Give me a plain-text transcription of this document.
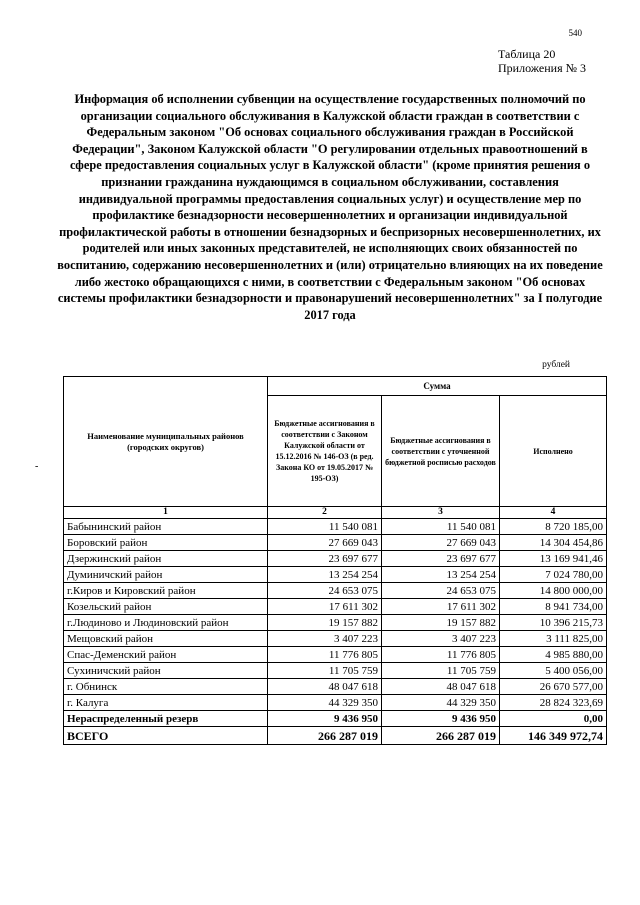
540
Таблица 20
Приложения № 3
Информация об исполнении субвенции на осуществление государственных полномочий по организации социального обслуживания в Калужской области граждан в соответствии с Федеральным законом "Об основах социального обслуживания граждан в Российской Федерации", Законом Калужской области "О регулировании отдельных правоотношений в сфере предоставления социальных услуг в Калужской области" (кроме принятия решения о признании гражданина нуждающимся в социальном обслуживании, составления индивидуальной программы предоставления социальных услуг) и осуществление мер по профилактике безнадзорности несовершеннолетних и организации индивидуальной профилактической работы в отношении безнадзорных и беспризорных несовершеннолетних, их родителей или иных законных представителей, не исполняющих своих обязанностей по воспитанию, содержанию несовершеннолетних и (или) отрицательно влияющих на их поведение либо жестоко обращающихся с ними, в соответствии с Федеральным законом "Об основах системы профилактики безнадзорности и правонарушений несовершеннолетних" за I полугодие 2017 года
рублей
-
Наименование муниципальных районов (городских округов)	Сумма		
	Бюджетные ассигнования в соответствии с Законом Калужской области от 15.12.2016 № 146-ОЗ (в ред. Закона КО от 19.05.2017 № 195-ОЗ)	Бюджетные ассигнования в соответствии с уточненной бюджетной росписью расходов	Исполнено
1	2	3	4
Бабынинский район	11 540 081	11 540 081	8 720 185,00
Боровский район	27 669 043	27 669 043	14 304 454,86
Дзержинский район	23 697 677	23 697 677	13 169 941,46
Думиничский район	13 254 254	13 254 254	7 024 780,00
г.Киров и Кировский район	24 653 075	24 653 075	14 800 000,00
Козельский район	17 611 302	17 611 302	8 941 734,00
г.Людиново и Людиновский район	19 157 882	19 157 882	10 396 215,73
Мещовский район	3 407 223	3 407 223	3 111 825,00
Спас-Деменский район	11 776 805	11 776 805	4 985 880,00
Сухиничский район	11 705 759	11 705 759	5 400 056,00
г. Обнинск	48 047 618	48 047 618	26 670 577,00
г. Калуга	44 329 350	44 329 350	28 824 323,69
Нераспределенный резерв	9 436 950	9 436 950	0,00
ВСЕГО	266 287 019	266 287 019	146 349 972,74
